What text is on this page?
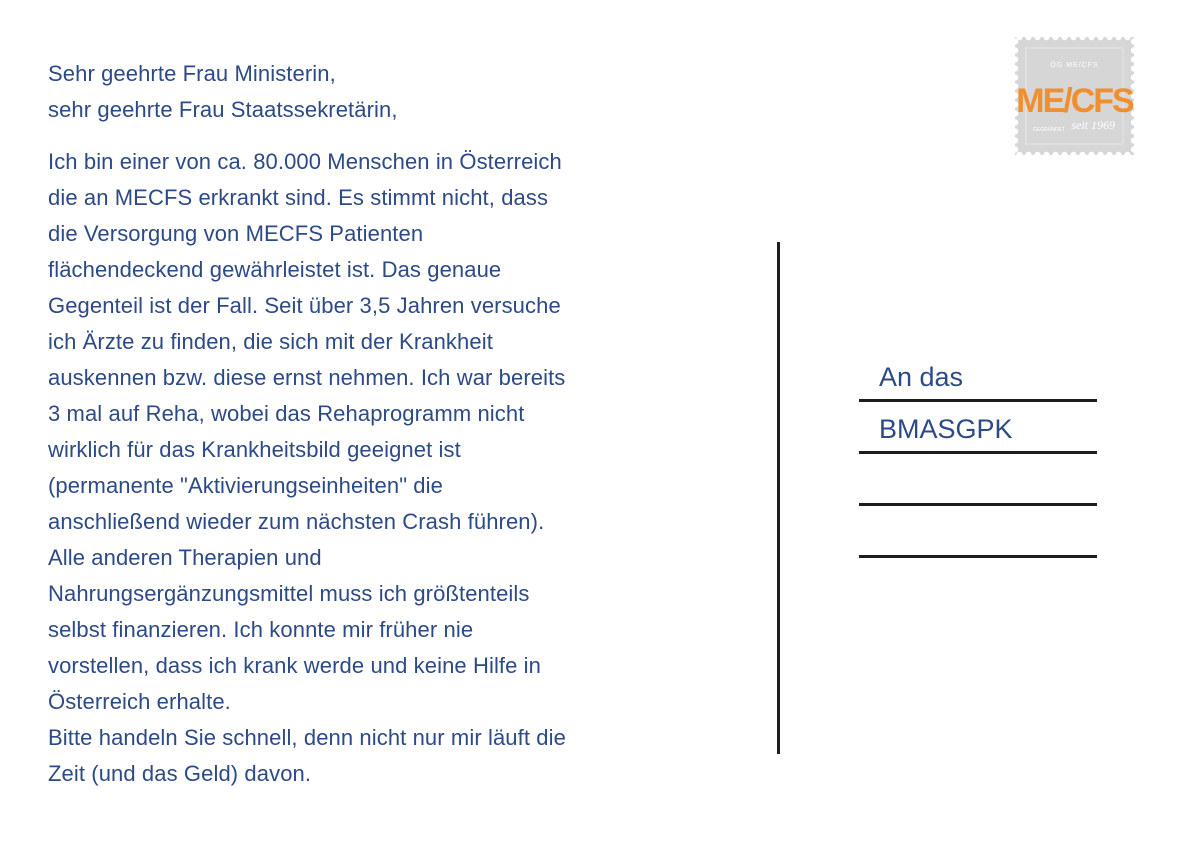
Sehr geehrte Frau Ministerin,
sehr geehrte Frau Staatssekretärin,
Ich bin einer von ca. 80.000 Menschen in Österreich
die an MECFS erkrankt sind. Es stimmt nicht, dass
die Versorgung von MECFS Patienten
flächendeckend gewährleistet ist. Das genaue
Gegenteil ist der Fall. Seit über 3,5 Jahren versuche
ich Ärzte zu finden, die sich mit der Krankheit
auskennen bzw. diese ernst nehmen. Ich war bereits
3 mal auf Reha, wobei das Rehaprogramm nicht
wirklich für das Krankheitsbild geeignet ist
(permanente "Aktivierungseinheiten" die
anschließend wieder zum nächsten Crash führen).
Alle anderen Therapien und
Nahrungsergänzungsmittel muss ich größtenteils
selbst finanzieren. Ich konnte mir früher nie
vorstellen, dass ich krank werde und keine Hilfe in
Österreich erhalte.
Bitte handeln Sie schnell, denn nicht nur mir läuft die
Zeit (und das Geld) davon.
An das
BMASGPK
ÖG ME/CFS
ME/CFS
GEGRÜNDET seit 1969
